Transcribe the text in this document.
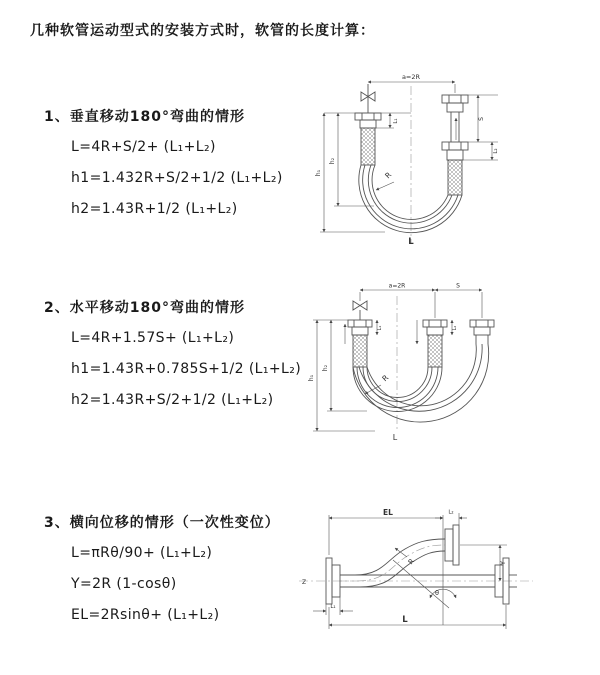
几种软管运动型式的安装方式时，软管的长度计算：
1、垂直移动180°弯曲的情形

L=4R+S/2+ (L₁+L₂)

h1=1.432R+S/2+1/2 (L₁+L₂)

h2=1.43R+1/2 (L₁+L₂)

2、水平移动180°弯曲的情形

L=4R+1.57S+ (L₁+L₂)

h1=1.43R+0.785S+1/2 (L₁+L₂)

h2=1.43R+S/2+1/2 (L₁+L₂)

3、横向位移的情形（一次性变位）

L=πRθ/90+ (L₁+L₂)

Y=2R (1-cosθ)

EL=2Rsinθ+ (L₁+L₂)

a=2R
L₁	S
L₂
h₁
h₂
R
L
a=2R	S
L₁	L₂
h₁
h₂
R
L
EL	L₂
Y
R
θ
L
L₁
Z
